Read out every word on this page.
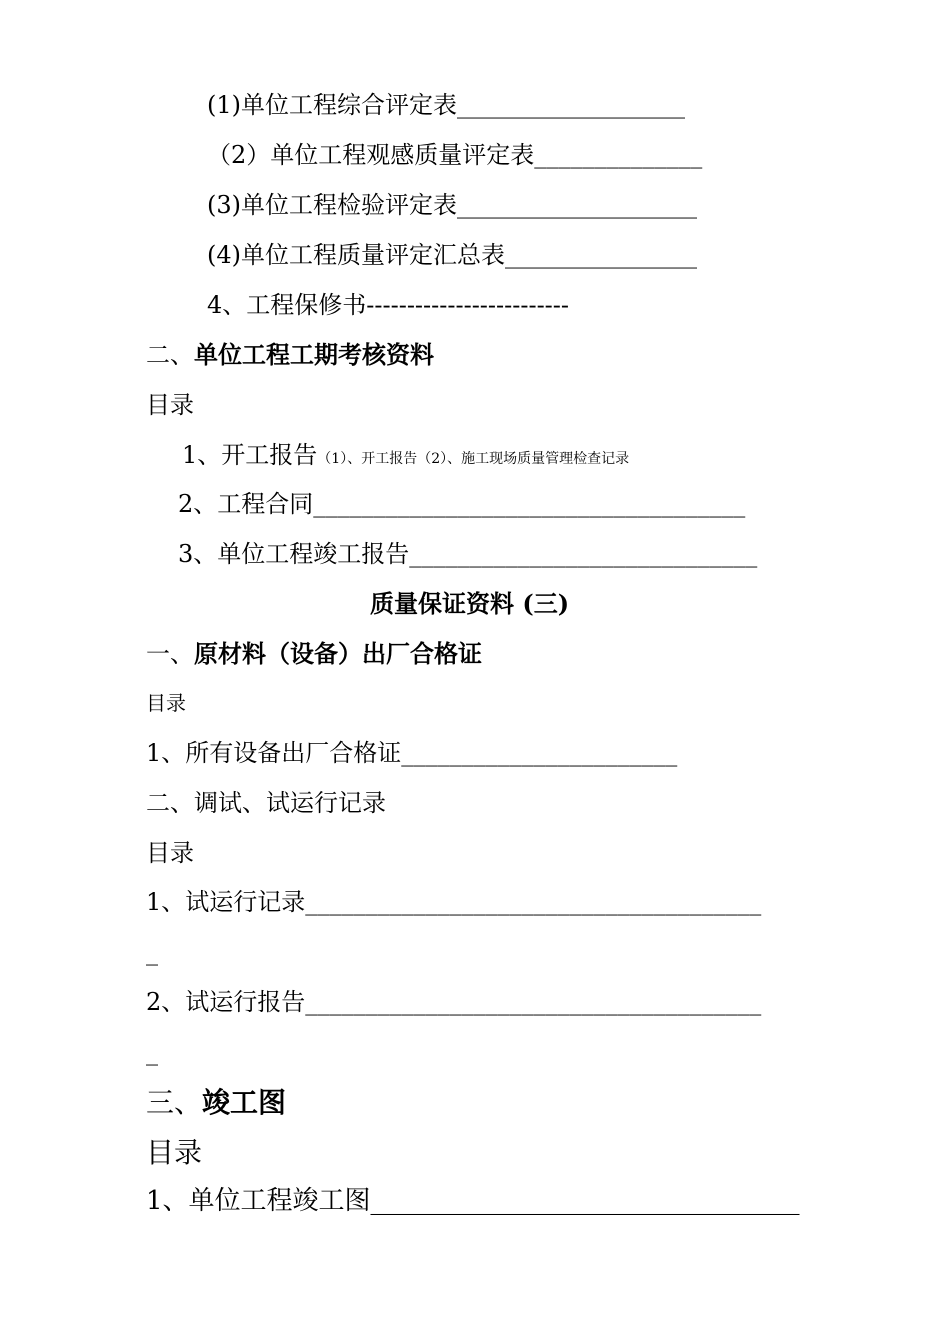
(1)单位工程综合评定表___________________
（2）单位工程观感质量评定表______________
(3)单位工程检验评定表____________________
(4)单位工程质量评定汇总表________________
4、工程保修书-------------------------
二、单位工程工期考核资料
目录
1、开工报告（1）、开工报告（2）、施工现场质量管理检查记录
2、工程合同____________________________________
3、单位工程竣工报告_____________________________
质量保证资料 (三)
一、原材料（设备）出厂合格证
目录
1、所有设备出厂合格证_______________________
二、调试、试运行记录
目录
1、试运行记录______________________________________
_
2、试运行报告______________________________________
_
三、竣工图
目录
1、单位工程竣工图_________________________________
